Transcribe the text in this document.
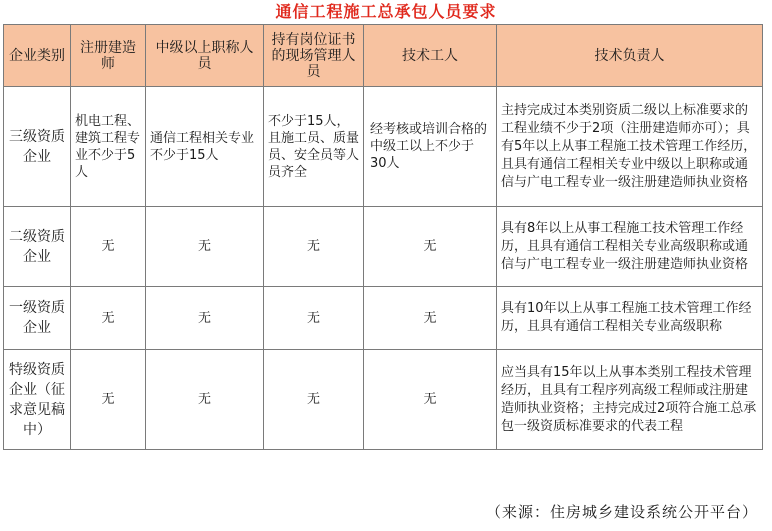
通信工程施工总承包人员要求
企业类别	注册建造师	中级以上职称人员	持有岗位证书的现场管理人员	技术工人	技术负责人
三级资质企业	机电工程、建筑工程专业不少于5人	通信工程相关专业不少于15人	不少于15人，且施工员、质量员、安全员等人员齐全	经考核或培训合格的中级工以上不少于30人	主持完成过本类别资质二级以上标准要求的工程业绩不少于2项（注册建造师亦可）；具有5年以上从事工程施工技术管理工作经历，且具有通信工程相关专业中级以上职称或通信与广电工程专业一级注册建造师执业资格
二级资质企业	无	无	无	无	具有8年以上从事工程施工技术管理工作经历，且具有通信工程相关专业高级职称或通信与广电工程专业一级注册建造师执业资格
一级资质企业	无	无	无	无	具有10年以上从事工程施工技术管理工作经历，且具有通信工程相关专业高级职称
特级资质企业（征求意见稿中）	无	无	无	无	应当具有15年以上从事本类别工程技术管理经历，且具有工程序列高级工程师或注册建造师执业资格；主持完成过2项符合施工总承包一级资质标准要求的代表工程
（来源：住房城乡建设系统公开平台）
